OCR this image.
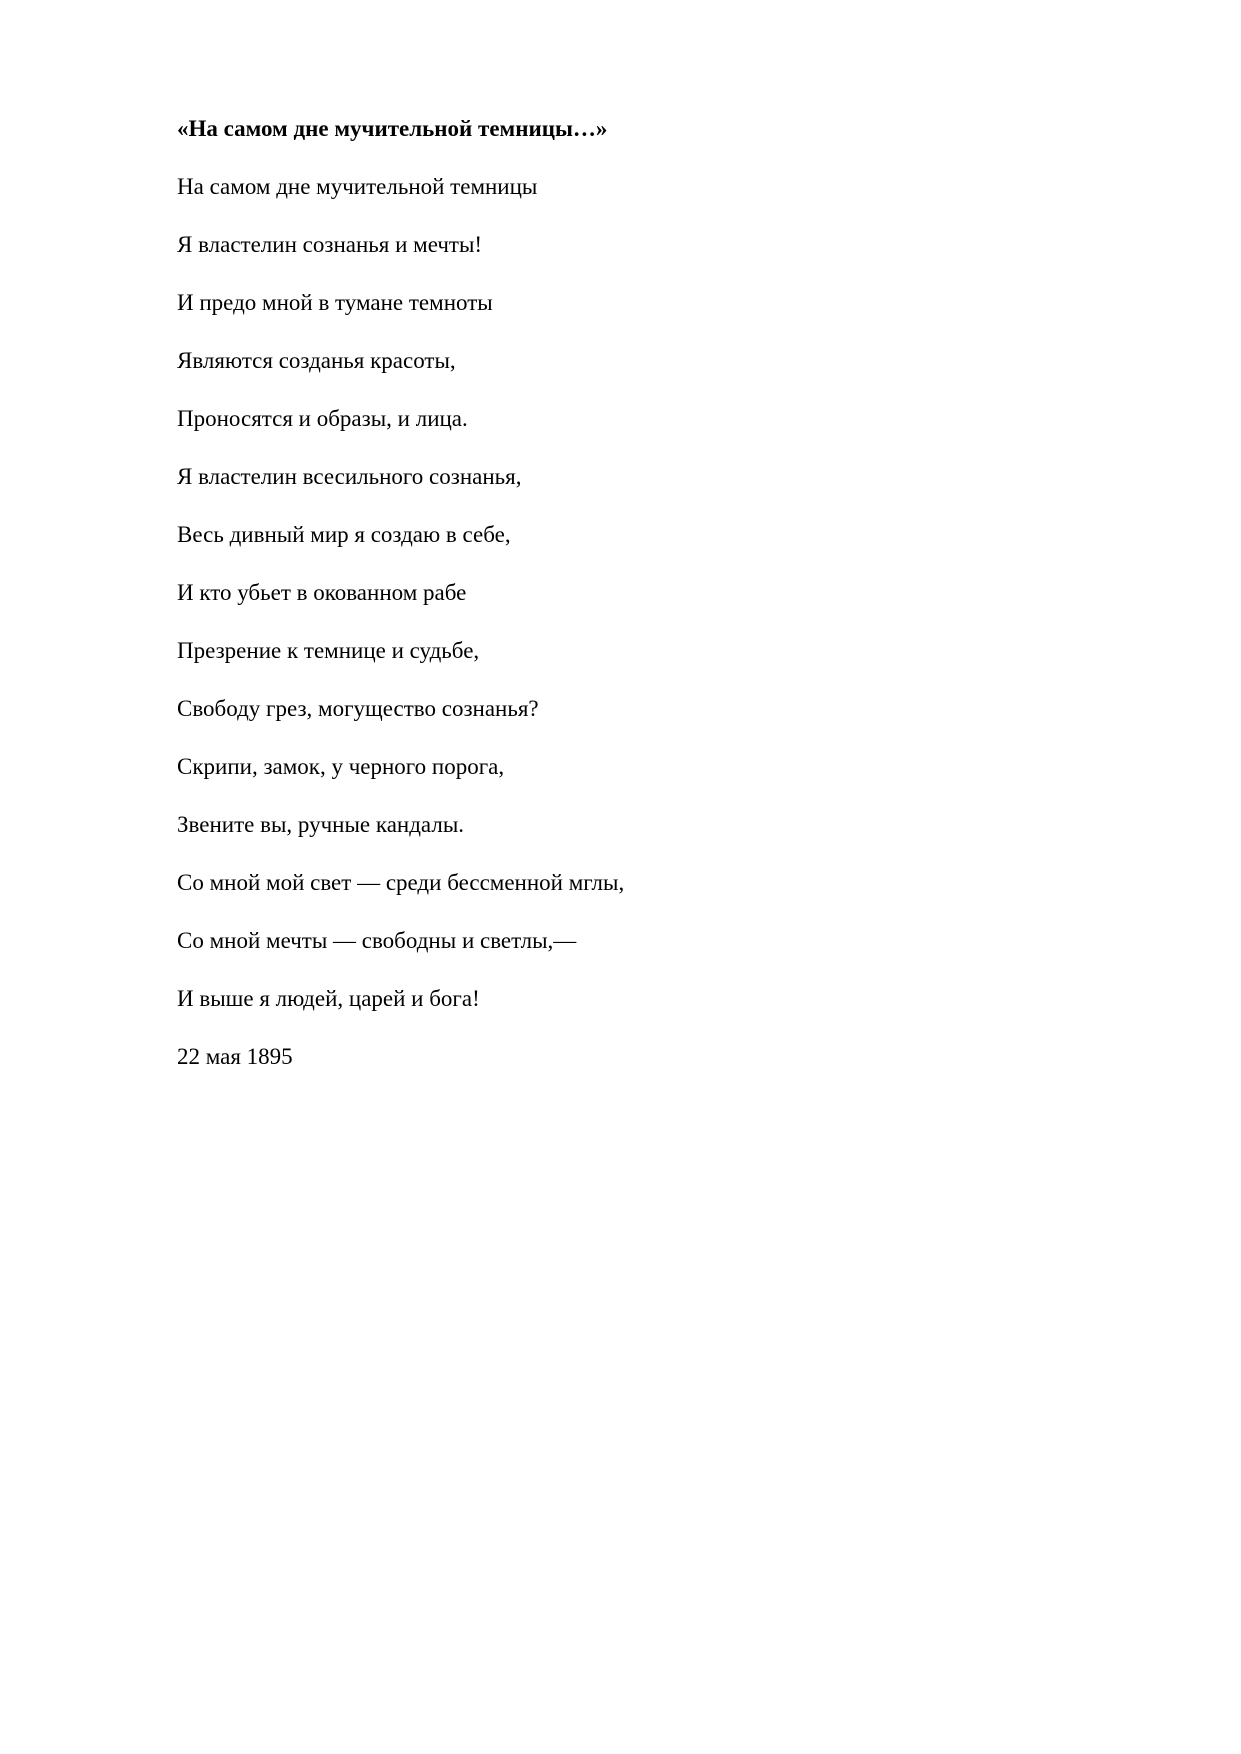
«На самом дне мучительной темницы…»
На самом дне мучительной темницы
Я властелин сознанья и мечты!
И предо мной в тумане темноты
Являются созданья красоты,
Проносятся и образы, и лица.
Я властелин всесильного сознанья,
Весь дивный мир я создаю в себе,
И кто убьет в окованном рабе
Презрение к темнице и судьбе,
Свободу грез, могущество сознанья?
Скрипи, замок, у черного порога,
Звените вы, ручные кандалы.
Со мной мой свет — среди бессменной мглы,
Со мной мечты — свободны и светлы,—
И выше я людей, царей и бога!
22 мая 1895
